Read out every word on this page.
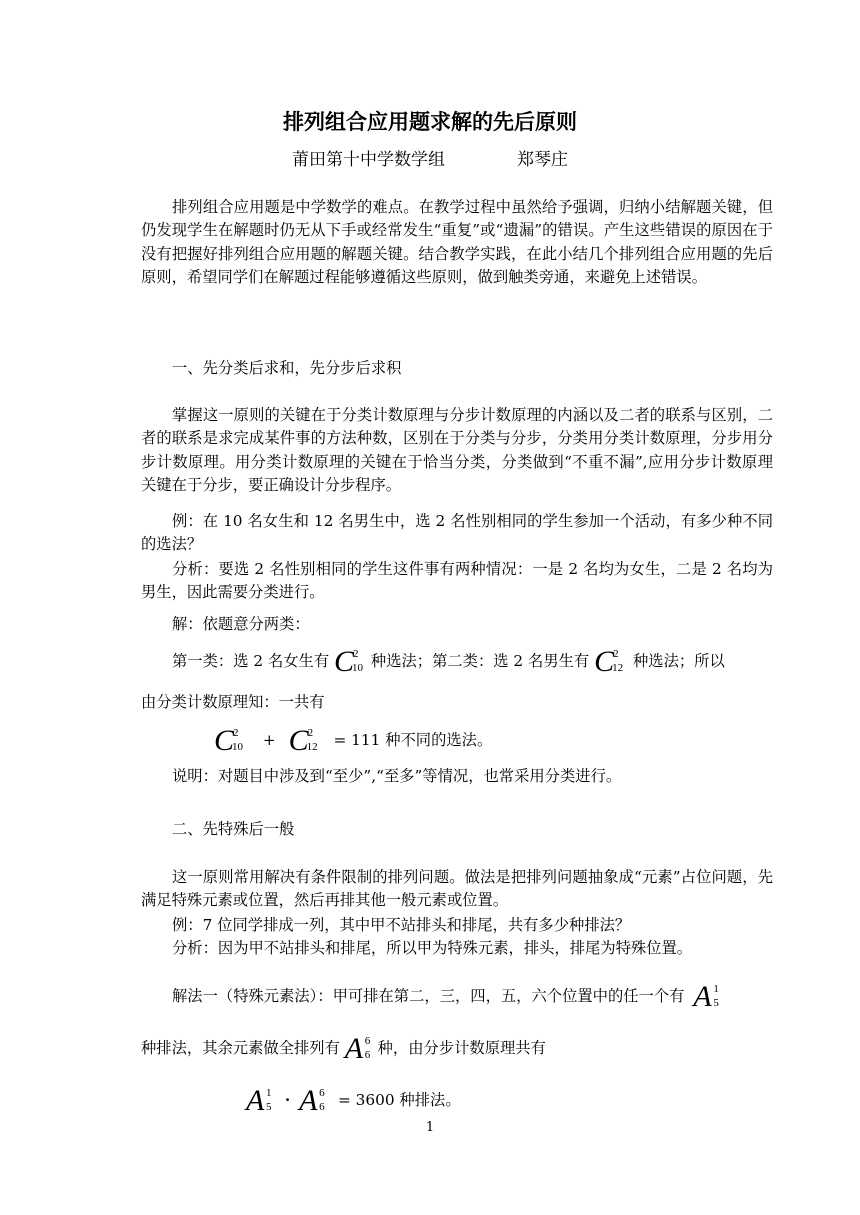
排列组合应用题求解的先后原则
莆田第十中学数学组	郑琴庄
排列组合应用题是中学数学的难点。在教学过程中虽然给予强调，归纳小结解题关键，但仍发现学生在解题时仍无从下手或经常发生“重复”或“遗漏”的错误。产生这些错误的原因在于没有把握好排列组合应用题的解题关键。结合教学实践，在此小结几个排列组合应用题的先后原则，希望同学们在解题过程能够遵循这些原则，做到触类旁通，来避免上述错误。
一、先分类后求和，先分步后求积
掌握这一原则的关键在于分类计数原理与分步计数原理的内涵以及二者的联系与区别，二者的联系是求完成某件事的方法种数，区别在于分类与分步，分类用分类计数原理，分步用分步计数原理。用分类计数原理的关键在于恰当分类，分类做到“不重不漏”,应用分步计数原理关键在于分步，要正确设计分步程序。
例：在 10 名女生和 12 名男生中，选 2 名性别相同的学生参加一个活动，有多少种不同的选法？
分析：要选 2 名性别相同的学生这件事有两种情况：一是 2 名均为女生，二是 2 名均为男生，因此需要分类进行。
解：依题意分两类：
第一类：选 2 名女生有 C
2
10 种选法；第二类：选 2 名男生有 C
2
12 种选法；所以
由分类计数原理知：一共有
C
2
10 + C
2
12 = 111 种不同的选法。
说明：对题目中涉及到“至少”,“至多”等情况，也常采用分类进行。
二、先特殊后一般
这一原则常用解决有条件限制的排列问题。做法是把排列问题抽象成“元素”占位问题，先满足特殊元素或位置，然后再排其他一般元素或位置。
例：7 位同学排成一列，其中甲不站排头和排尾，共有多少种排法？
分析：因为甲不站排头和排尾，所以甲为特殊元素，排头，排尾为特殊位置。
解法一（特殊元素法）：甲可排在第二，三，四，五，六个位置中的任一个有 A 1
5
种排法，其余元素做全排列有 A 6
6 种，由分步计数原理共有
A 1
5 · A 6
6 = 3600 种排法。
1
